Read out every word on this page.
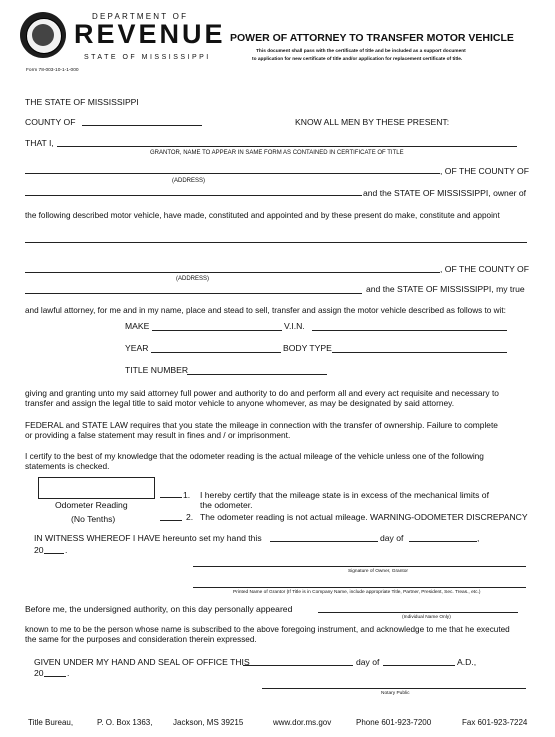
DEPARTMENT OF
REVENUE
STATE OF MISSISSIPPI
Form 78-003-10-1-1-000
POWER OF ATTORNEY TO TRANSFER MOTOR VEHICLE
This document shall pass with the certificate of title and be included as a support document
to application for new certificate of title and/or application for replacement certificate of title.
THE STATE OF MISSISSIPPI
COUNTY OF	KNOW ALL MEN BY THESE PRESENT:
THAT I,
GRANTOR, NAME TO APPEAR IN SAME FORM AS CONTAINED IN CERTIFICATE OF TITLE
, OF THE COUNTY OF
(ADDRESS)
and the STATE OF MISSISSIPPI, owner of
the following described motor vehicle, have made, constituted and appointed and by these present do make, constitute and appoint
, OF THE COUNTY OF
(ADDRESS)
and the STATE OF MISSISSIPPI, my true
and lawful attorney, for me and in my name, place and stead to sell, transfer and assign the motor vehicle described as follows to wit:
MAKE	V.I.N.
YEAR	BODY TYPE
TITLE NUMBER
giving and granting unto my said attorney full power and authority to do and perform all and every act requisite and necessary to
transfer and assign the legal title to said motor vehicle to anyone whomever, as may be designated by said attorney.
FEDERAL and STATE LAW requires that you state the mileage in connection with the transfer of ownership. Failure to complete
or providing a false statement may result in fines and / or imprisonment.
I certify to the best of my knowledge that the odometer reading is the actual mileage of the vehicle unless one of the following
statements is checked.
Odometer Reading
(No Tenths)
1. I hereby certify that the mileage state is in excess of the mechanical limits of
the odometer.
2. The odometer reading is not actual mileage. WARNING-ODOMETER DISCREPANCY
IN WITNESS WHEREOF I HAVE hereunto set my hand this	day of	,
20 .
Signature of Owner, Grantor
Printed Name of Grantor (If Title is in Company Name, include appropriate Title, Partner, President, Sec. Treas., etc.)
Before me, the undersigned authority, on this day personally appeared
(Individual Name Only)
known to me to be the person whose name is subscribed to the above foregoing instrument, and acknowledge to me that he executed
the same for the purposes and consideration therein expressed.
GIVEN UNDER MY HAND AND SEAL OF OFFICE THIS	day of	A.D.,
20	.
Notary Public
Title Bureau,	P. O. Box 1363,	Jackson, MS 39215	www.dor.ms.gov	Phone 601-923-7200	Fax 601-923-7224
